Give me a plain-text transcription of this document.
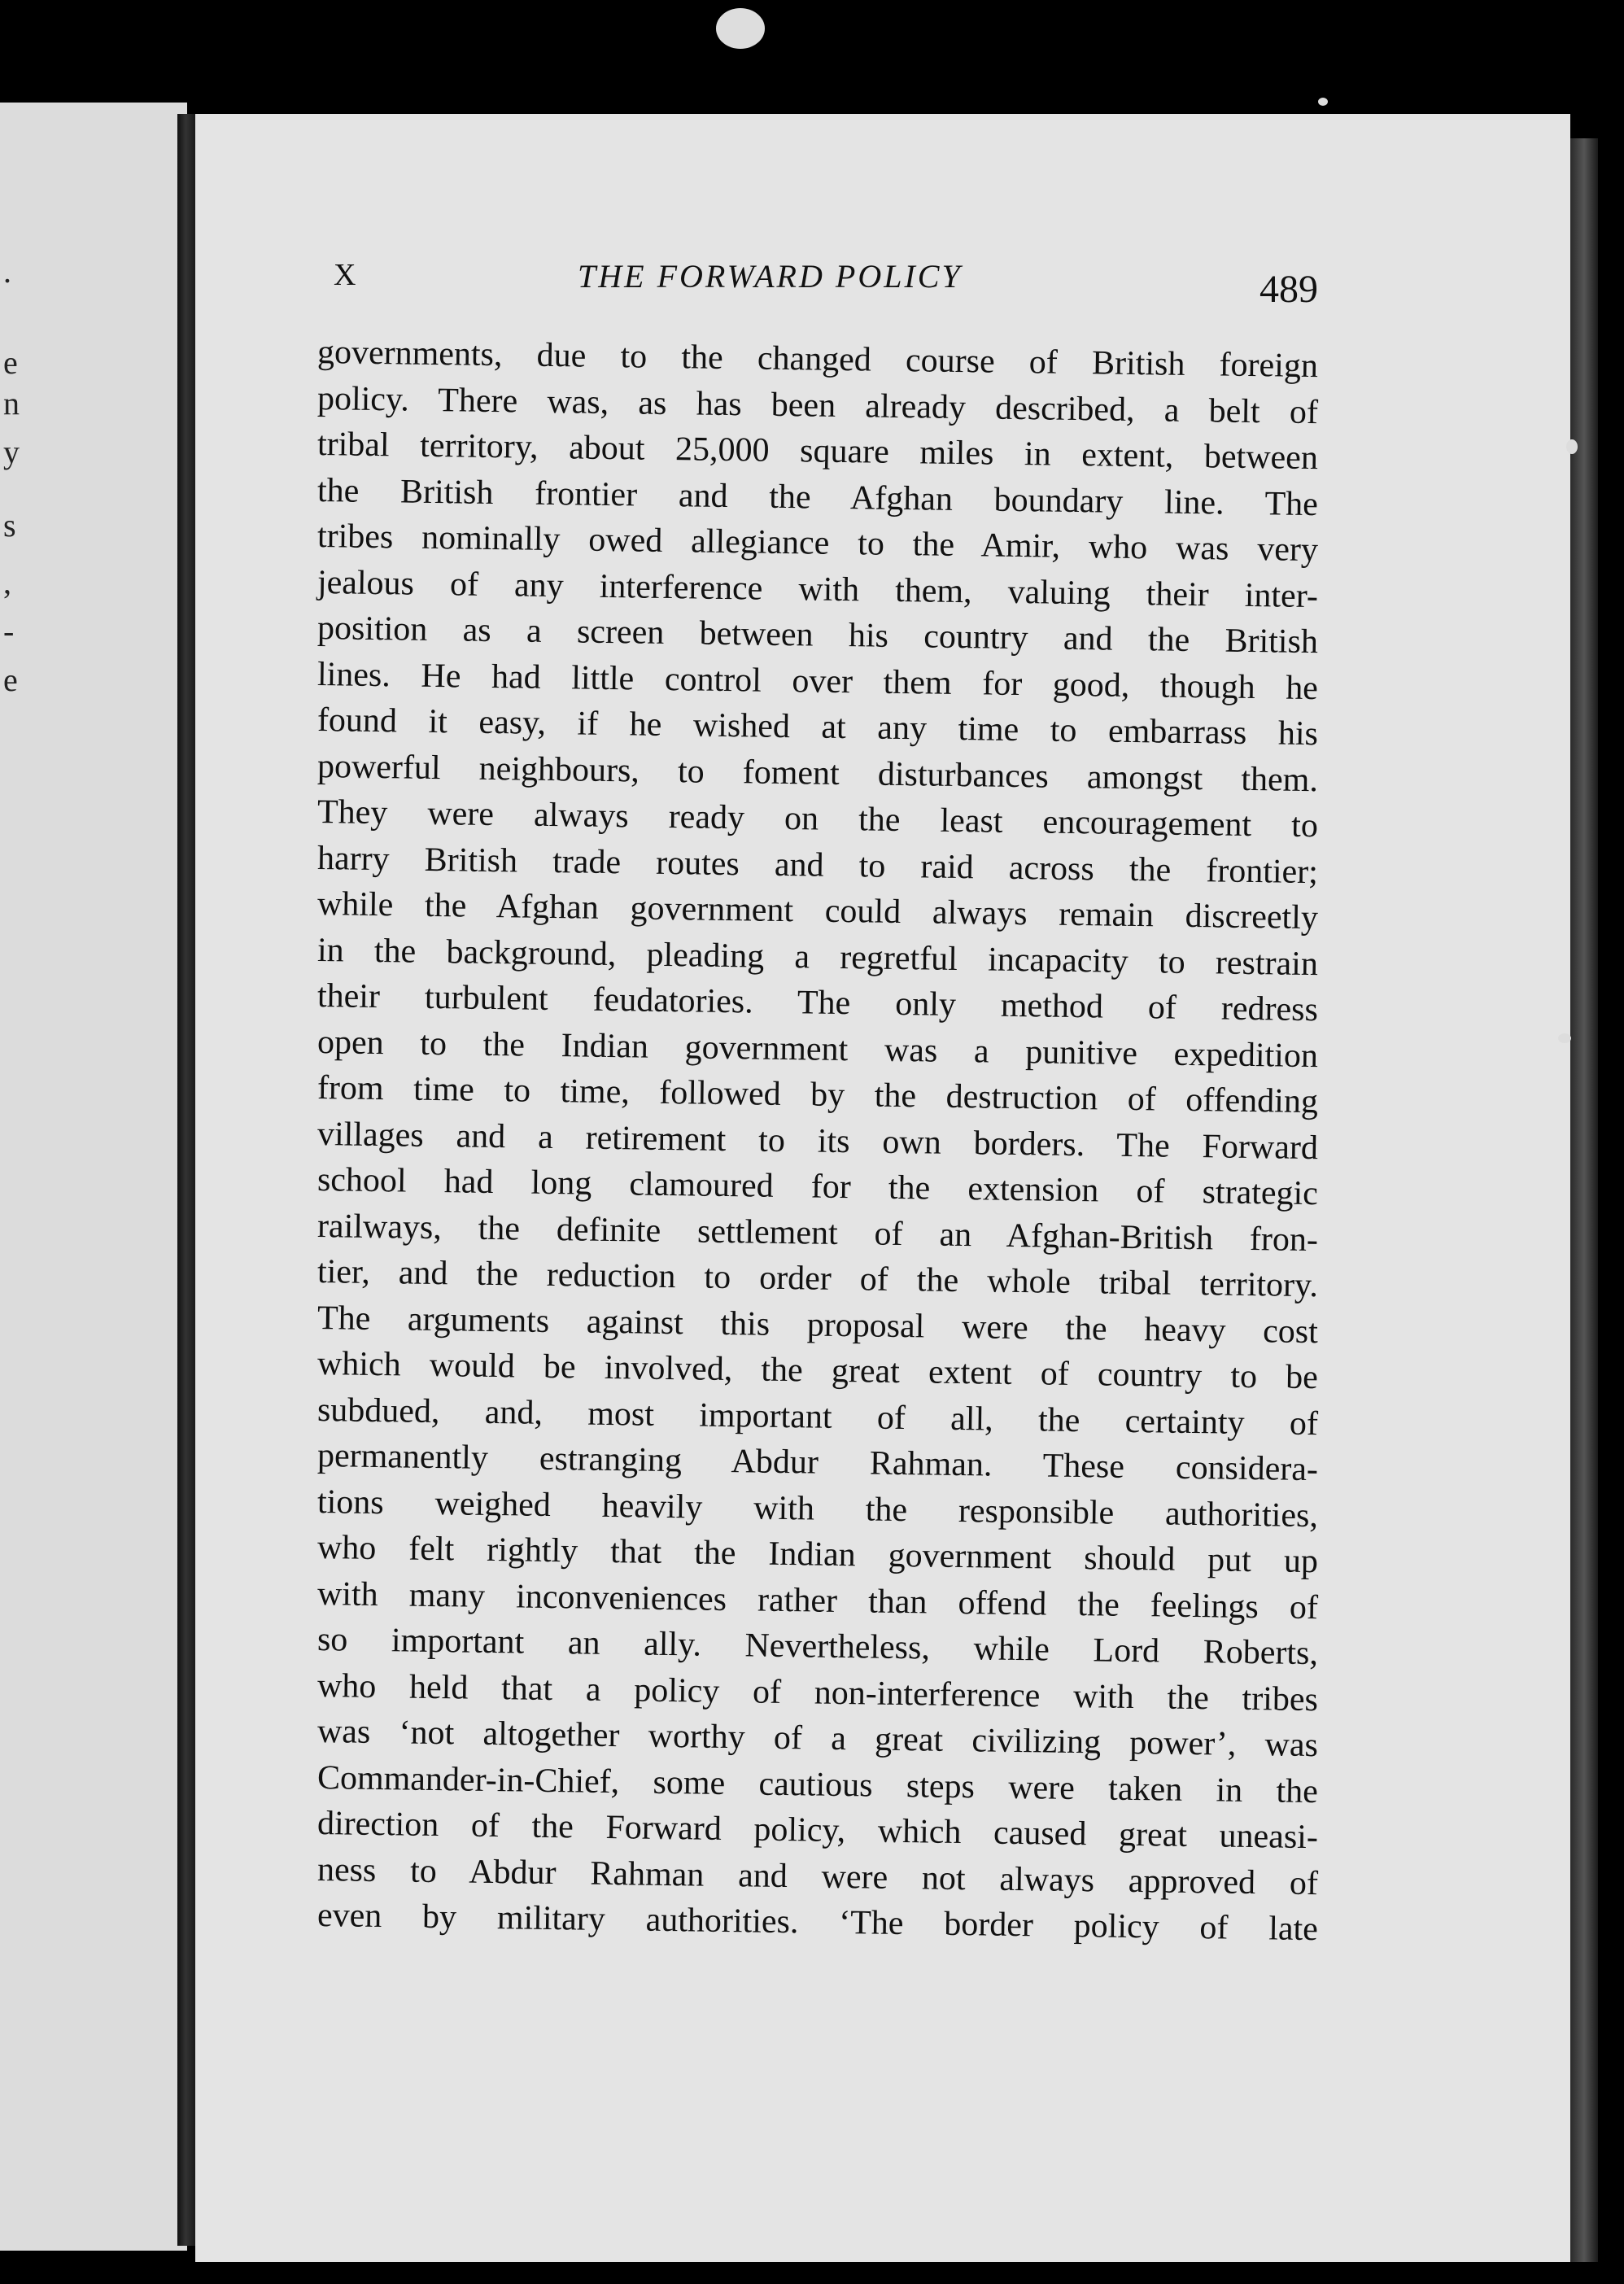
.
e
n
y
s
,
-
e
X	THE FORWARD POLICY	489
governments, due to the changed course of British foreign
policy. There was, as has been already described, a belt of
tribal territory, about 25,000 square miles in extent, between
the British frontier and the Afghan boundary line. The
tribes nominally owed allegiance to the Amir, who was very
jealous of any interference with them, valuing their inter-
position as a screen between his country and the British
lines. He had little control over them for good, though he
found it easy, if he wished at any time to embarrass his
powerful neighbours, to foment disturbances amongst them.
They were always ready on the least encouragement to
harry British trade routes and to raid across the frontier;
while the Afghan government could always remain discreetly
in the background, pleading a regretful incapacity to restrain
their turbulent feudatories. The only method of redress
open to the Indian government was a punitive expedition
from time to time, followed by the destruction of offending
villages and a retirement to its own borders. The Forward
school had long clamoured for the extension of strategic
railways, the definite settlement of an Afghan-British fron-
tier, and the reduction to order of the whole tribal territory.
The arguments against this proposal were the heavy cost
which would be involved, the great extent of country to be
subdued, and, most important of all, the certainty of
permanently estranging Abdur Rahman. These considera-
tions weighed heavily with the responsible authorities,
who felt rightly that the Indian government should put up
with many inconveniences rather than offend the feelings of
so important an ally. Nevertheless, while Lord Roberts,
who held that a policy of non-interference with the tribes
was ‘not altogether worthy of a great civilizing power’, was
Commander-in-Chief, some cautious steps were taken in the
direction of the Forward policy, which caused great uneasi-
ness to Abdur Rahman and were not always approved of
even by military authorities. ‘The border policy of late
